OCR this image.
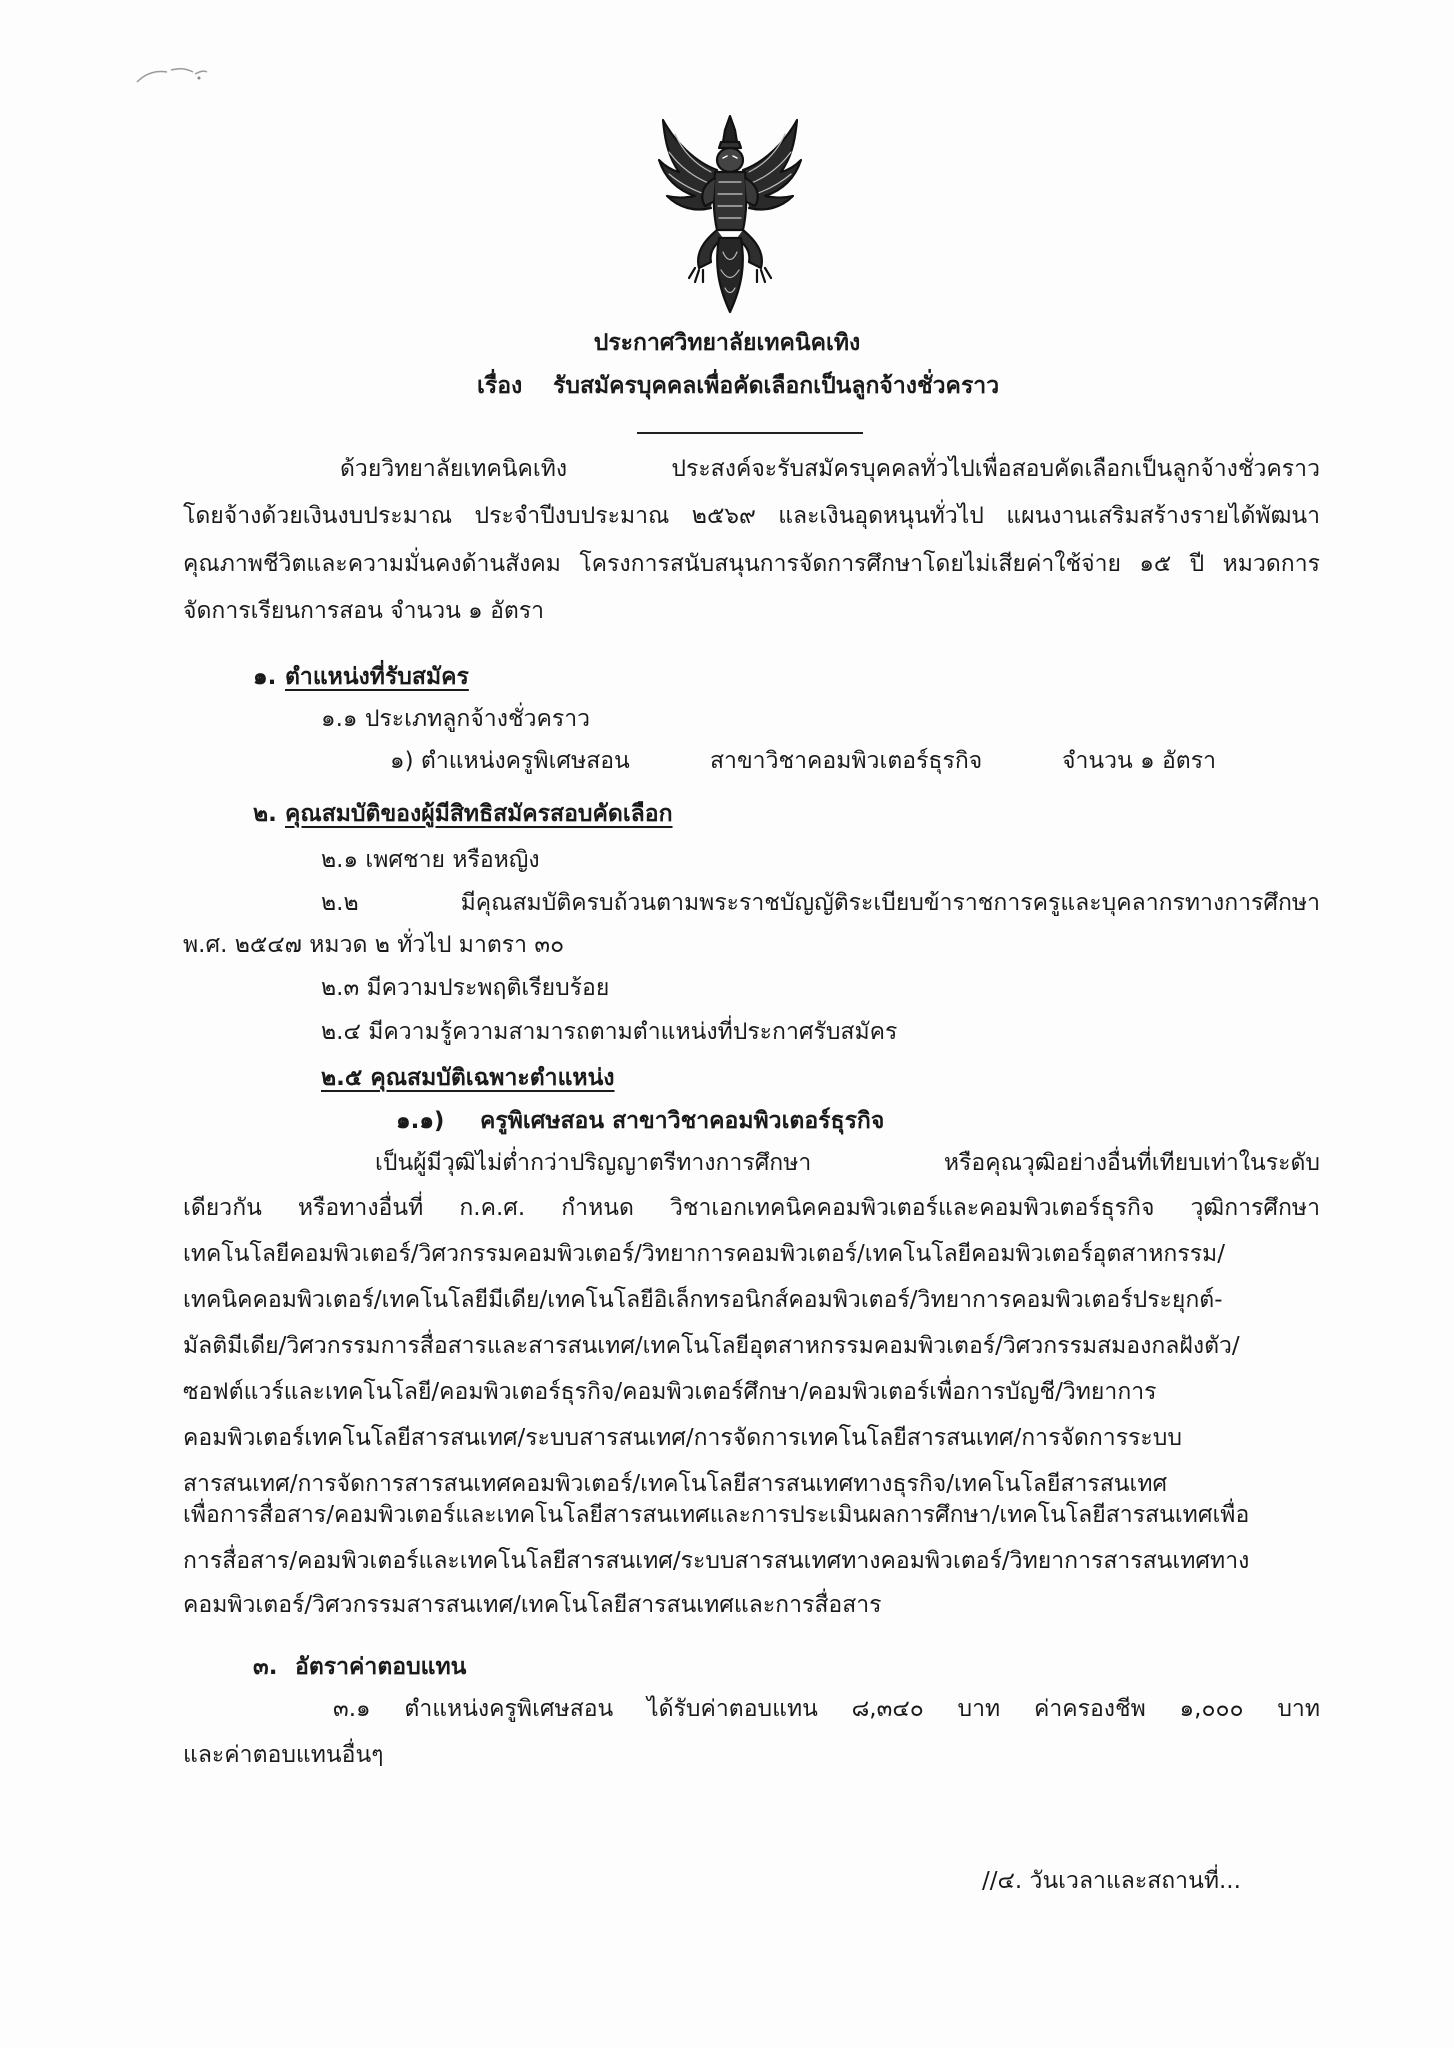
ประกาศวิทยาลัยเทคนิคเทิง
เรื่อง รับสมัครบุคคลเพื่อคัดเลือกเป็นลูกจ้างชั่วคราว
ด้วยวิทยาลัยเทคนิคเทิง ประสงค์จะรับสมัครบุคคลทั่วไปเพื่อสอบคัดเลือกเป็นลูกจ้างชั่วคราว
โดยจ้างด้วยเงินงบประมาณ ประจำปีงบประมาณ ๒๕๖๙ และเงินอุดหนุนทั่วไป แผนงานเสริมสร้างรายได้พัฒนา
คุณภาพชีวิตและความมั่นคงด้านสังคม โครงการสนับสนุนการจัดการศึกษาโดยไม่เสียค่าใช้จ่าย ๑๕ ปี หมวดการ
จัดการเรียนการสอน จำนวน ๑ อัตรา
๑. ตำแหน่งที่รับสมัคร
๑.๑ ประเภทลูกจ้างชั่วคราว
๑) ตำแหน่งครูพิเศษสอน	สาขาวิชาคอมพิวเตอร์ธุรกิจ	จำนวน ๑ อัตรา
๒. คุณสมบัติของผู้มีสิทธิสมัครสอบคัดเลือก
๒.๑ เพศชาย หรือหญิง
๒.๒ มีคุณสมบัติครบถ้วนตามพระราชบัญญัติระเบียบข้าราชการครูและบุคลากรทางการศึกษา
พ.ศ. ๒๕๔๗ หมวด ๒ ทั่วไป มาตรา ๓๐
๒.๓ มีความประพฤติเรียบร้อย
๒.๔ มีความรู้ความสามารถตามตำแหน่งที่ประกาศรับสมัคร
๒.๕ คุณสมบัติเฉพาะตำแหน่ง
๑.๑) ครูพิเศษสอน สาขาวิชาคอมพิวเตอร์ธุรกิจ
เป็นผู้มีวุฒิไม่ต่ำกว่าปริญญาตรีทางการศึกษา หรือคุณวุฒิอย่างอื่นที่เทียบเท่าในระดับ
เดียวกัน หรือทางอื่นที่ ก.ค.ศ. กำหนด วิชาเอกเทคนิคคอมพิวเตอร์และคอมพิวเตอร์ธุรกิจ วุฒิการศึกษา
เทคโนโลยีคอมพิวเตอร์/วิศวกรรมคอมพิวเตอร์/วิทยาการคอมพิวเตอร์/เทคโนโลยีคอมพิวเตอร์อุตสาหกรรม/
เทคนิคคอมพิวเตอร์/เทคโนโลยีมีเดีย/เทคโนโลยีอิเล็กทรอนิกส์คอมพิวเตอร์/วิทยาการคอมพิวเตอร์ประยุกต์-
มัลติมีเดีย/วิศวกรรมการสื่อสารและสารสนเทศ/เทคโนโลยีอุตสาหกรรมคอมพิวเตอร์/วิศวกรรมสมองกลฝังตัว/
ซอฟต์แวร์และเทคโนโลยี/คอมพิวเตอร์ธุรกิจ/คอมพิวเตอร์ศึกษา/คอมพิวเตอร์เพื่อการบัญชี/วิทยาการ
คอมพิวเตอร์เทคโนโลยีสารสนเทศ/ระบบสารสนเทศ/การจัดการเทคโนโลยีสารสนเทศ/การจัดการระบบ
สารสนเทศ/การจัดการสารสนเทศคอมพิวเตอร์/เทคโนโลยีสารสนเทศทางธุรกิจ/เทคโนโลยีสารสนเทศ
เพื่อการสื่อสาร/คอมพิวเตอร์และเทคโนโลยีสารสนเทศและการประเมินผลการศึกษา/เทคโนโลยีสารสนเทศเพื่อ
การสื่อสาร/คอมพิวเตอร์และเทคโนโลยีสารสนเทศ/ระบบสารสนเทศทางคอมพิวเตอร์/วิทยาการสารสนเทศทาง
คอมพิวเตอร์/วิศวกรรมสารสนเทศ/เทคโนโลยีสารสนเทศและการสื่อสาร
๓. อัตราค่าตอบแทน
๓.๑ ตำแหน่งครูพิเศษสอน ได้รับค่าตอบแทน ๘,๓๔๐ บาท ค่าครองชีพ ๑,๐๐๐ บาท
และค่าตอบแทนอื่นๆ
//๔. วันเวลาและสถานที่...
